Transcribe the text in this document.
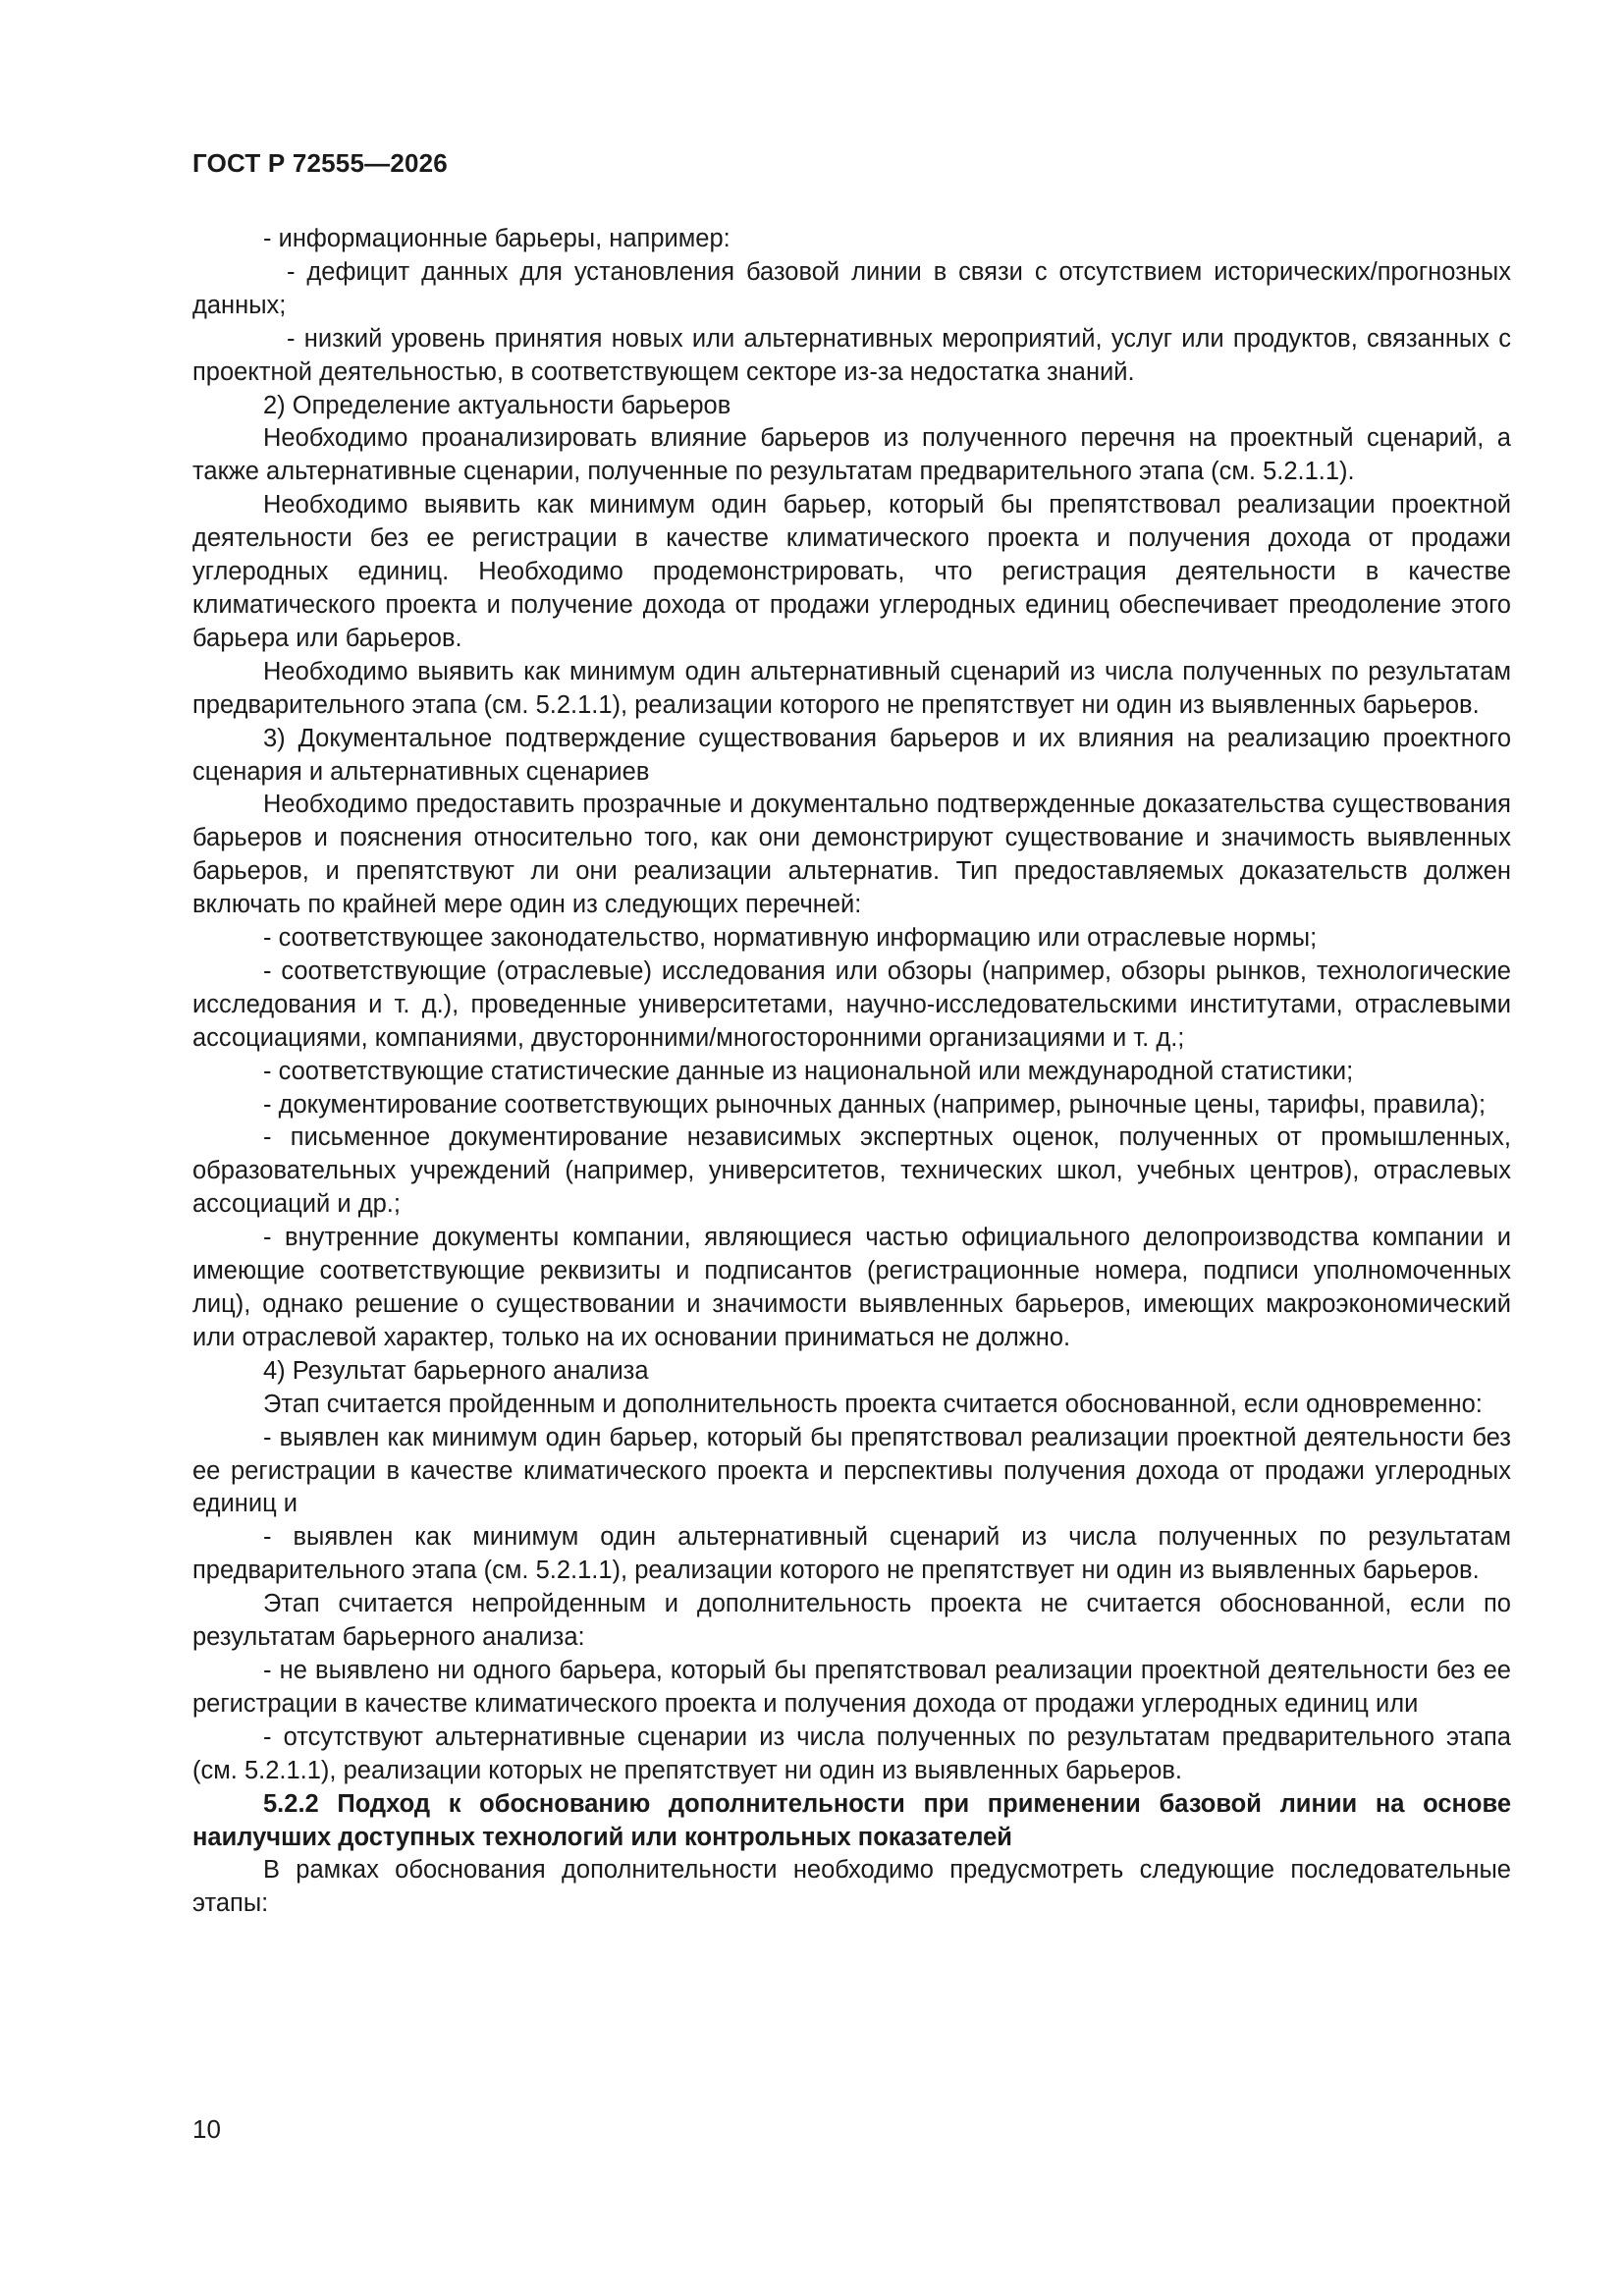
ГОСТ Р 72555—2026

- информационные барьеры, например:

- дефицит данных для установления базовой линии в связи с отсутствием исторических/прогнозных данных;

- низкий уровень принятия новых или альтернативных мероприятий, услуг или продуктов, связанных с проектной деятельностью, в соответствующем секторе из-за недостатка знаний.

2) Определение актуальности барьеров

Необходимо проанализировать влияние барьеров из полученного перечня на проектный сценарий, а также альтернативные сценарии, полученные по результатам предварительного этапа (см. 5.2.1.1).

Необходимо выявить как минимум один барьер, который бы препятствовал реализации проектной деятельности без ее регистрации в качестве климатического проекта и получения дохода от продажи углеродных единиц. Необходимо продемонстрировать, что регистрация деятельности в качестве климатического проекта и получение дохода от продажи углеродных единиц обеспечивает преодоление этого барьера или барьеров.

Необходимо выявить как минимум один альтернативный сценарий из числа полученных по результатам предварительного этапа (см. 5.2.1.1), реализации которого не препятствует ни один из выявленных барьеров.

3) Документальное подтверждение существования барьеров и их влияния на реализацию проектного сценария и альтернативных сценариев

Необходимо предоставить прозрачные и документально подтвержденные доказательства существования барьеров и пояснения относительно того, как они демонстрируют существование и значимость выявленных барьеров, и препятствуют ли они реализации альтернатив. Тип предоставляемых доказательств должен включать по крайней мере один из следующих перечней:

- соответствующее законодательство, нормативную информацию или отраслевые нормы;

- соответствующие (отраслевые) исследования или обзоры (например, обзоры рынков, технологические исследования и т. д.), проведенные университетами, научно-исследовательскими институтами, отраслевыми ассоциациями, компаниями, двусторонними/многосторонними организациями и т. д.;

- соответствующие статистические данные из национальной или международной статистики;

- документирование соответствующих рыночных данных (например, рыночные цены, тарифы, правила);

- письменное документирование независимых экспертных оценок, полученных от промышленных, образовательных учреждений (например, университетов, технических школ, учебных центров), отраслевых ассоциаций и др.;

- внутренние документы компании, являющиеся частью официального делопроизводства компании и имеющие соответствующие реквизиты и подписантов (регистрационные номера, подписи уполномоченных лиц), однако решение о существовании и значимости выявленных барьеров, имеющих макроэкономический или отраслевой характер, только на их основании приниматься не должно.

4) Результат барьерного анализа

Этап считается пройденным и дополнительность проекта считается обоснованной, если одновременно:

- выявлен как минимум один барьер, который бы препятствовал реализации проектной деятельности без ее регистрации в качестве климатического проекта и перспективы получения дохода от продажи углеродных единиц и

- выявлен как минимум один альтернативный сценарий из числа полученных по результатам предварительного этапа (см. 5.2.1.1), реализации которого не препятствует ни один из выявленных барьеров.

Этап считается непройденным и дополнительность проекта не считается обоснованной, если по результатам барьерного анализа:

- не выявлено ни одного барьера, который бы препятствовал реализации проектной деятельности без ее регистрации в качестве климатического проекта и получения дохода от продажи углеродных единиц или

- отсутствуют альтернативные сценарии из числа полученных по результатам предварительного этапа (см. 5.2.1.1), реализации которых не препятствует ни один из выявленных барьеров.

5.2.2 Подход к обоснованию дополнительности при применении базовой линии на основе наилучших доступных технологий или контрольных показателей

В рамках обоснования дополнительности необходимо предусмотреть следующие последовательные этапы:

10
